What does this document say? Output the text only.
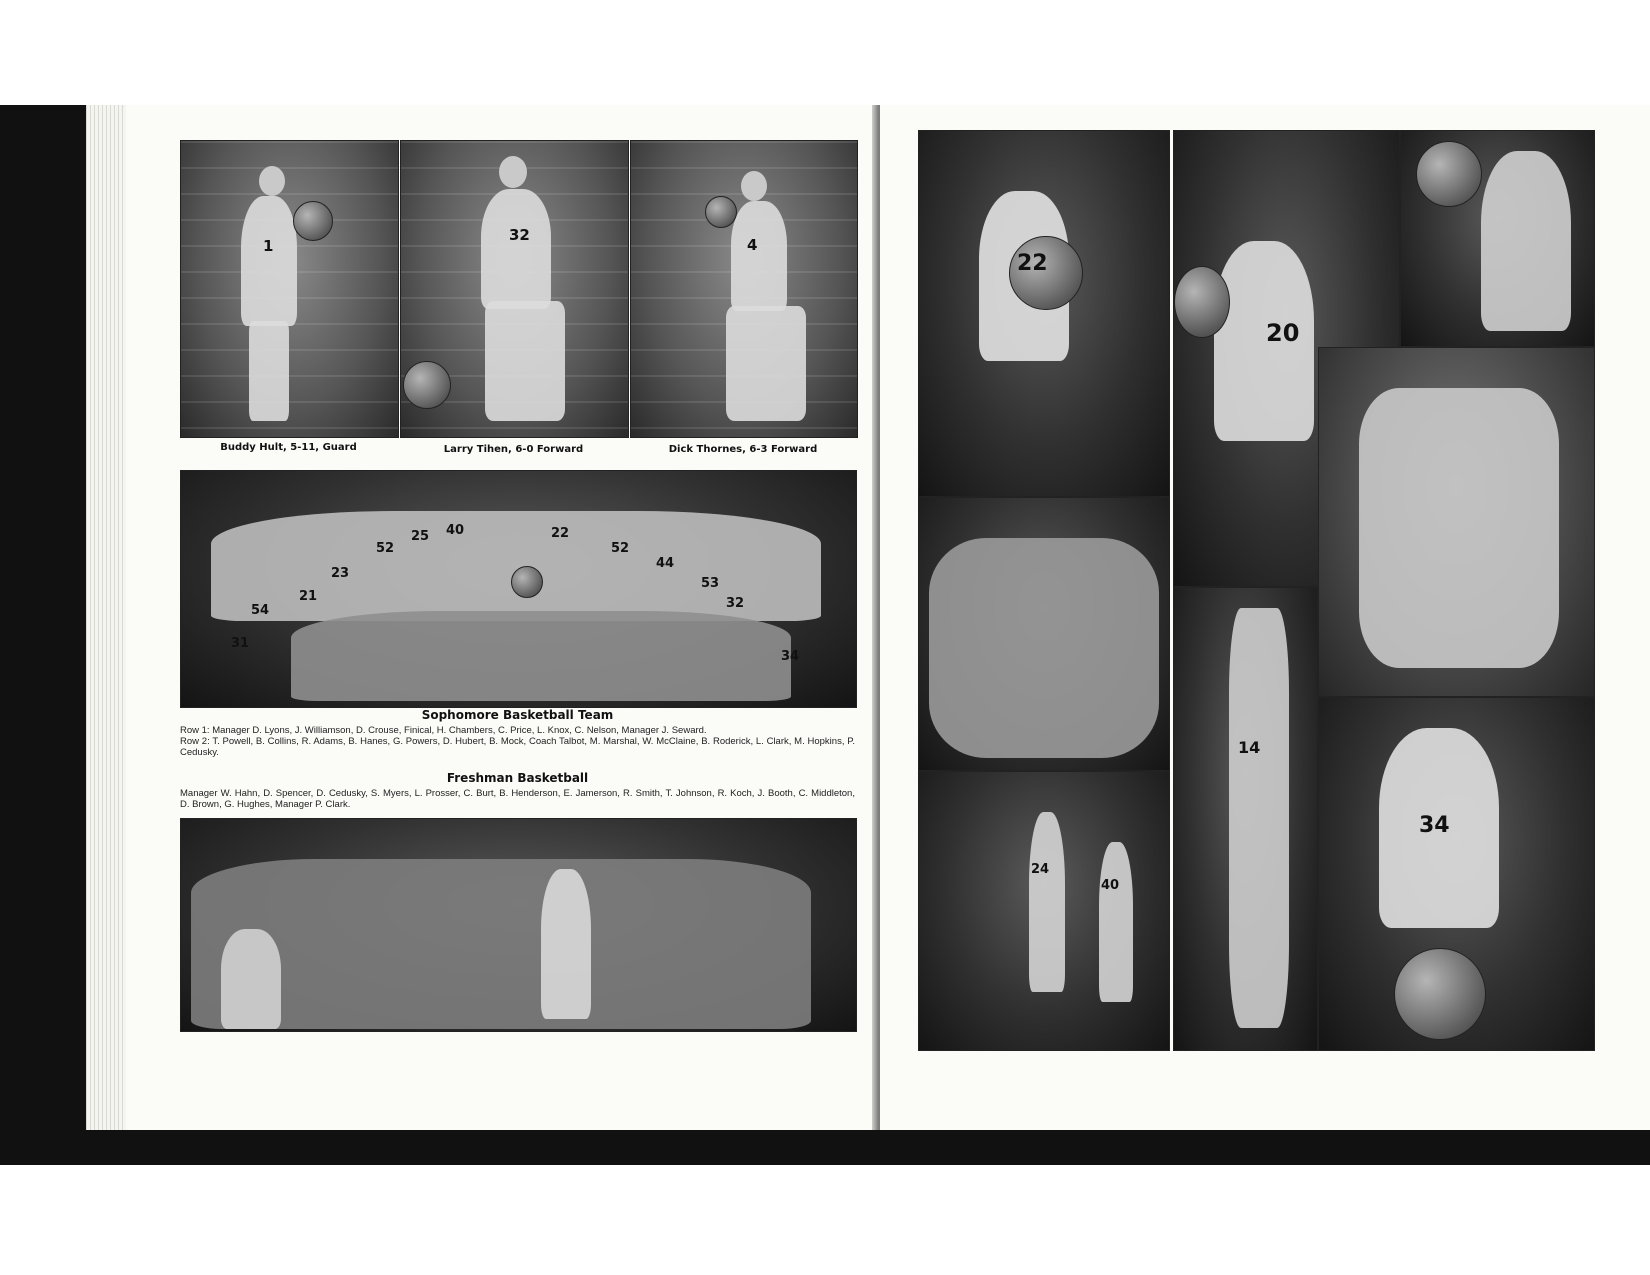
1
32
4
Buddy Hult, 5-11, Guard	Larry Tihen, 6-0 Forward	Dick Thornes, 6-3 Forward
31
54
21
23
52
25 40	22
52
44
53
32
34
Sophomore Basketball Team
Row 1: Manager D. Lyons, J. Williamson, D. Crouse, Finical, H. Chambers, C. Price, L. Knox, C. Nelson, Manager J. Seward.
Row 2: T. Powell, B. Collins, R. Adams, B. Hanes, G. Powers, D. Hubert, B. Mock, Coach Talbot, M. Marshal, W. McClaine, B. Roderick, L. Clark, M. Hopkins, P. Cedusky.
Freshman Basketball
Manager W. Hahn, D. Spencer, D. Cedusky, S. Myers, L. Prosser, C. Burt, B. Henderson, E. Jamerson, R. Smith, T. Johnson, R. Koch, J. Booth, C. Middleton, D. Brown, G. Hughes, Manager P. Clark.
22
20
24
40
14
34
